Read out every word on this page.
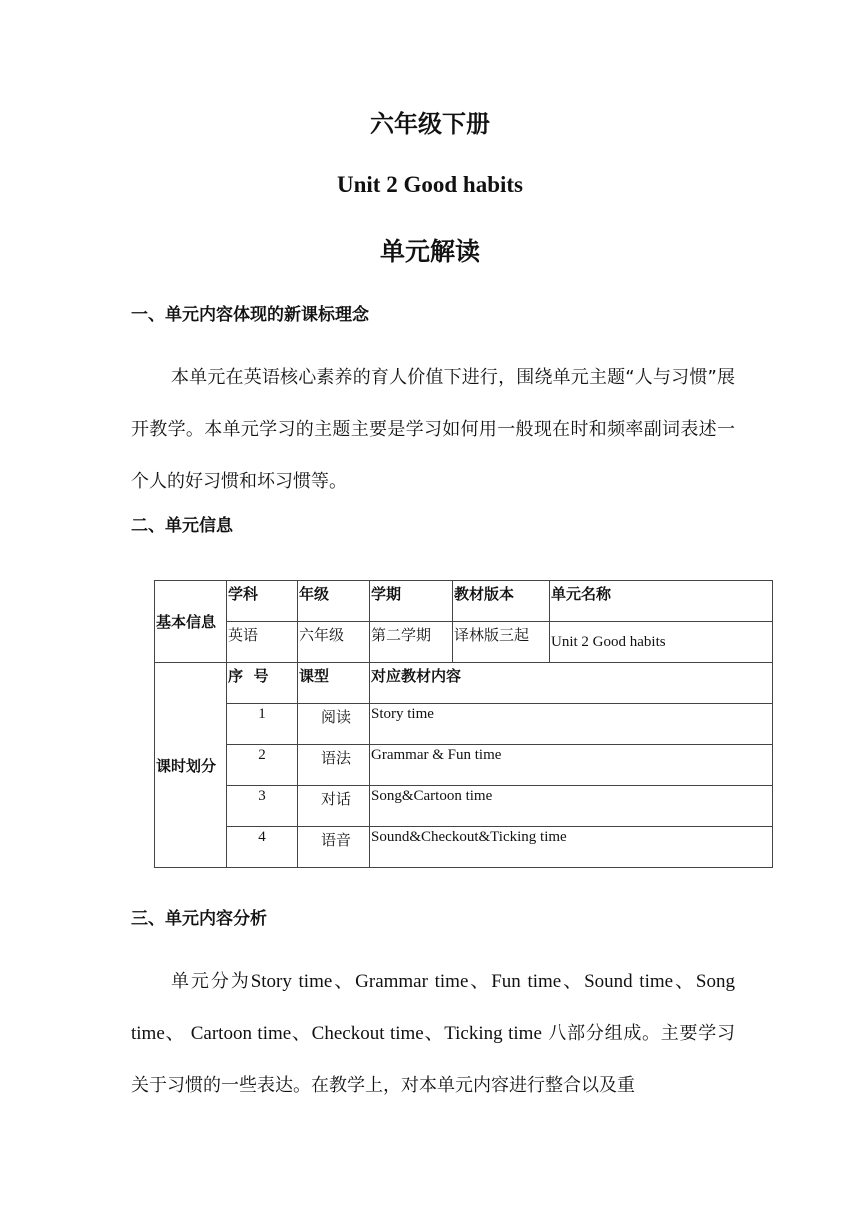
六年级下册
Unit 2 Good habits
单元解读

一、单元内容体现的新课标理念

本单元在英语核心素养的育人价值下进行，围绕单元主题“人与习惯”展开教学。本单元学习的主题主要是学习如何用一般现在时和频率副词表述一个人的好习惯和坏习惯等。

二、单元信息

基本信息	学科	年级	学期	教材版本	单元名称
	英语	六年级	第二学期	译林版三起	Unit 2 Good habits
课时划分	序  号	课型	对应教材内容		
	1	阅读	Story time		
	2	语法	Grammar & Fun time		
	3	对话	Song&Cartoon time		
	4	语音	Sound&Checkout&Ticking time		

三、单元内容分析

单元分为Story time、Grammar time、Fun time、Sound time、Song time、 Cartoon time、Checkout time、Ticking time 八部分组成。主要学习关于习惯的一些表达。在教学上，对本单元内容进行整合以及重
